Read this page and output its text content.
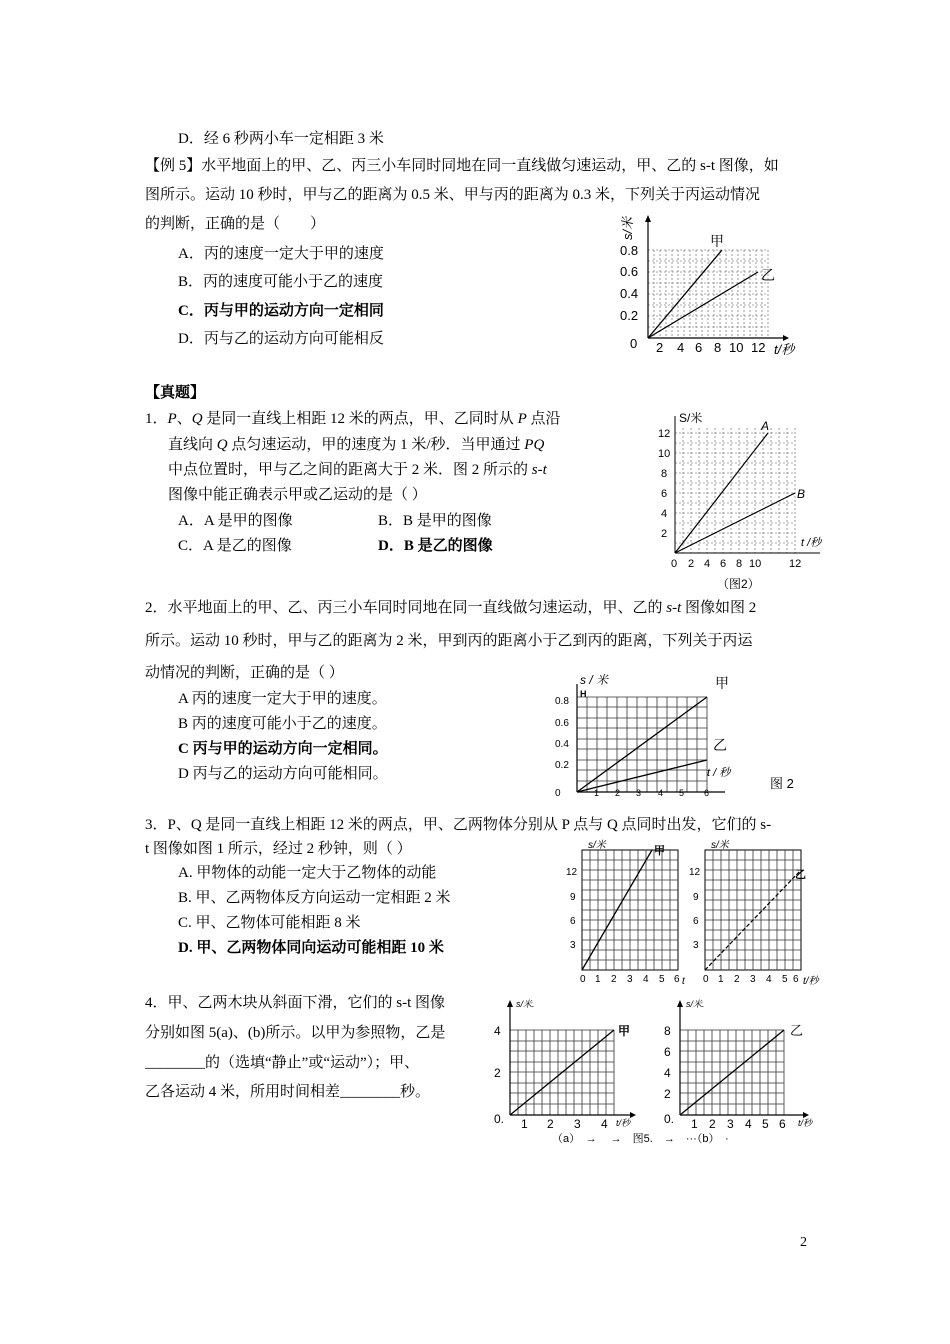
D．经 6 秒两小车一定相距 3 米
【例 5】水平地面上的甲、乙、丙三小车同时同地在同一直线做匀速运动，甲、乙的 s-t 图像，如
图所示。运动 10 秒时，甲与乙的距离为 0.5 米、甲与丙的距离为 0.3 米，下列关于丙运动情况
的判断，正确的是（　　）
A．丙的速度一定大于甲的速度
B．丙的速度可能小于乙的速度
C．丙与甲的运动方向一定相同
D．丙与乙的运动方向可能相反
s/米
甲
乙
0.8
0.6
0.4
0.2
0 2 4 6 8 10 12 t/秒
【真题】
1．P、Q 是同一直线上相距 12 米的两点，甲、乙同时从 P 点沿
直线向 Q 点匀速运动，甲的速度为 1 米/秒．当甲通过 PQ
中点位置时，甲与乙之间的距离大于 2 米．图 2 所示的 s-t
图像中能正确表示甲或乙运动的是（ ）
A．A 是甲的图像	B．B 是甲的图像
C．A 是乙的图像	D．B 是乙的图像
S/米
A
B
12
10
8
6
4
2
0 2 4 6 8 10	12
t /秒
（图2）
2．水平地面上的甲、乙、丙三小车同时同地在同一直线做匀速运动，甲、乙的 s-t 图像如图 2
所示。运动 10 秒时，甲与乙的距离为 2 米，甲到丙的距离小于乙到丙的距离，下列关于丙运
动情况的判断，正确的是（ ）
A 丙的速度一定大于甲的速度。
B 丙的速度可能小于乙的速度。
C 丙与甲的运动方向一定相同。
D 丙与乙的运动方向可能相同。
s / 米
H
甲
乙
t / 秒
0.8
0.6
0.4
0.2
0	1 2 3 4 5 6
图 2
3．P、Q 是同一直线上相距 12 米的两点，甲、乙两物体分别从 P 点与 Q 点同时出发，它们的 s-
t 图像如图 1 所示，经过 2 秒钟，则（ ）
A. 甲物体的动能一定大于乙物体的动能
B. 甲、乙两物体反方向运动一定相距 2 米
C. 甲、乙物体可能相距 8 米
D. 甲、乙两物体同向运动可能相距 10 米
s/米	甲
12
9
6
3
0 1 2 3 4 5 6 t
s/米
乙
12
9
6
3
0 1 2 3 4 5 6 t/秒
4．甲、乙两木块从斜面下滑，它们的 s-t 图像
分别如图 5(a)、(b)所示。以甲为参照物，乙是
________的（选填“静止”或“运动”）；甲、
乙各运动 4 米，所用时间相差________秒。
s/米.
甲
4
2
0. 1 2 3 4 t/秒
s/米.
乙
8
6
4
2
0. 1 2 3 4 5 6 t/秒
（a）　→　 →　图5.　→　···（b）　·
2
